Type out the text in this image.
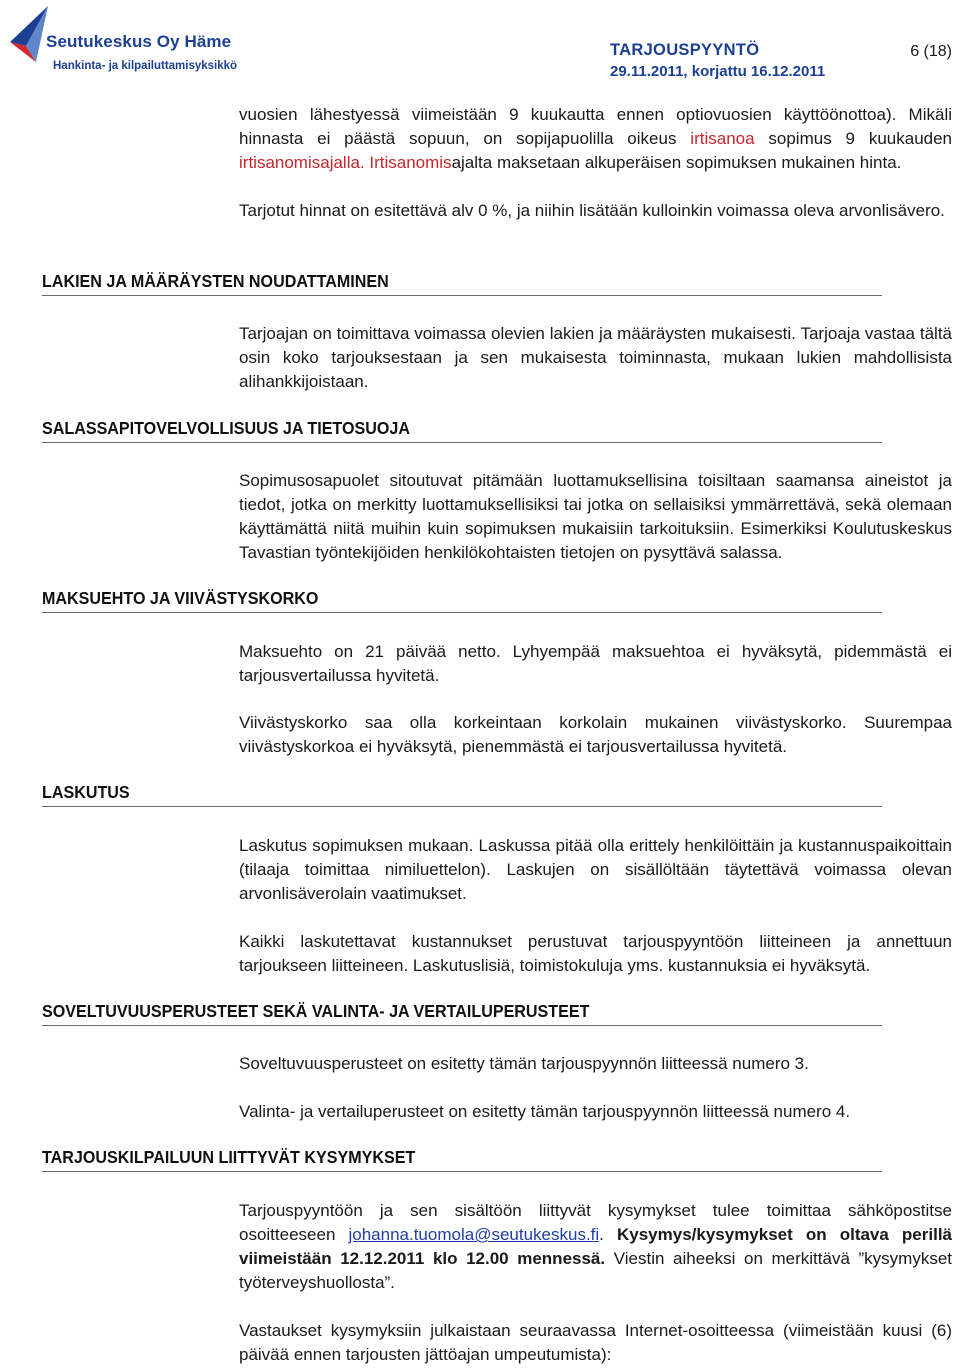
Seutukeskus Oy Häme
Hankinta- ja kilpailuttamisyksikkö
TARJOUSPYYNTÖ
29.11.2011, korjattu 16.12.2011
6 (18)
vuosien lähestyessä viimeistään 9 kuukautta ennen optiovuosien käyttöönottoa). Mikäli hinnasta ei päästä sopuun, on sopijapuolilla oikeus irtisanoa sopimus 9 kuukauden irtisanomisajalla. Irtisanomisajalta maksetaan alkuperäisen sopimuksen mukainen hinta.
Tarjotut hinnat on esitettävä alv 0 %, ja niihin lisätään kulloinkin voimassa oleva arvonlisävero.
LAKIEN JA MÄÄRÄYSTEN NOUDATTAMINEN
Tarjoajan on toimittava voimassa olevien lakien ja määräysten mukaisesti. Tarjoaja vastaa tältä osin koko tarjouksestaan ja sen mukaisesta toiminnasta, mukaan lukien mahdollisista alihankkijoistaan.
SALASSAPITOVELVOLLISUUS JA TIETOSUOJA
Sopimusosapuolet sitoutuvat pitämään luottamuksellisina toisiltaan saamansa aineistot ja tiedot, jotka on merkitty luottamuksellisiksi tai jotka on sellaisiksi ymmärrettävä, sekä olemaan käyttämättä niitä muihin kuin sopimuksen mukaisiin tarkoituksiin. Esimerkiksi Koulutuskeskus Tavastian työntekijöiden henkilökohtaisten tietojen on pysyttävä salassa.
MAKSUEHTO JA VIIVÄSTYSKORKO
Maksuehto on 21 päivää netto. Lyhyempää maksuehtoa ei hyväksytä, pidemmästä ei tarjousvertailussa hyvitetä.
Viivästyskorko saa olla korkeintaan korkolain mukainen viivästyskorko. Suurempaa viivästyskorkoa ei hyväksytä, pienemmästä ei tarjousvertailussa hyvitetä.
LASKUTUS
Laskutus sopimuksen mukaan. Laskussa pitää olla erittely henkilöittäin ja kustannuspaikoittain (tilaaja toimittaa nimiluettelon). Laskujen on sisällöltään täytettävä voimassa olevan arvonlisäverolain vaatimukset.
Kaikki laskutettavat kustannukset perustuvat tarjouspyyntöön liitteineen ja annettuun tarjoukseen liitteineen. Laskutuslisiä, toimistokuluja yms. kustannuksia ei hyväksytä.
SOVELTUVUUSPERUSTEET SEKÄ VALINTA- JA VERTAILUPERUSTEET
Soveltuvuusperusteet on esitetty tämän tarjouspyynnön liitteessä numero 3.
Valinta- ja vertailuperusteet on esitetty tämän tarjouspyynnön liitteessä numero 4.
TARJOUSKILPAILUUN LIITTYVÄT KYSYMYKSET
Tarjouspyyntöön ja sen sisältöön liittyvät kysymykset tulee toimittaa sähköpostitse osoitteeseen johanna.tuomola@seutukeskus.fi. Kysymys/kysymykset on oltava perillä viimeistään 12.12.2011 klo 12.00 mennessä. Viestin aiheeksi on merkittävä ”kysymykset työterveyshuollosta”.
Vastaukset kysymyksiin julkaistaan seuraavassa Internet-osoitteessa (viimeistään kuusi (6) päivää ennen tarjousten jättöajan umpeutumista):
